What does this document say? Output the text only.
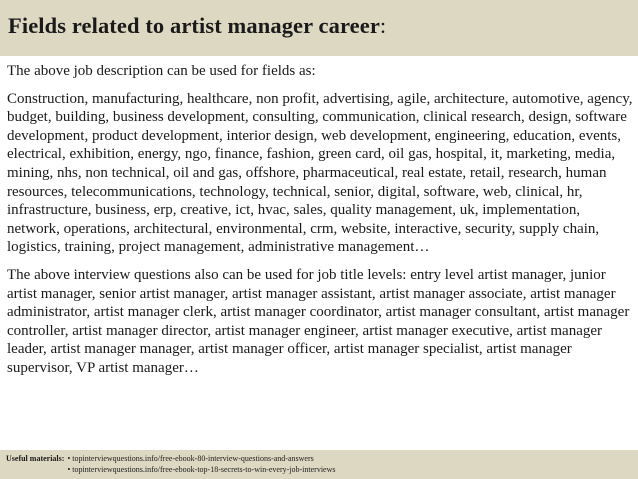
Fields related to artist manager career:

The above job description can be used for fields as:

Construction, manufacturing, healthcare, non profit, advertising, agile, architecture, automotive, agency, budget, building, business development, consulting, communication, clinical research, design, software development, product development, interior design, web development, engineering, education, events, electrical, exhibition, energy, ngo, finance, fashion, green card, oil gas, hospital, it, marketing, media, mining, nhs, non technical, oil and gas, offshore, pharmaceutical, real estate, retail, research, human resources, telecommunications, technology, technical, senior, digital, software, web, clinical, hr, infrastructure, business, erp, creative, ict, hvac, sales, quality management, uk, implementation, network, operations, architectural, environmental, crm, website, interactive, security, supply chain, logistics, training, project management, administrative management…

The above interview questions also can be used for job title levels: entry level artist manager, junior artist manager, senior artist manager, artist manager assistant, artist manager associate, artist manager administrator, artist manager clerk, artist manager coordinator, artist manager consultant, artist manager controller, artist manager director, artist manager engineer, artist manager executive, artist manager leader, artist manager manager, artist manager officer, artist manager specialist, artist manager supervisor, VP artist manager…

Useful materials: • topinterviewquestions.info/free-ebook-80-interview-questions-and-answers
• topinterviewquestions.info/free-ebook-top-18-secrets-to-win-every-job-interviews
